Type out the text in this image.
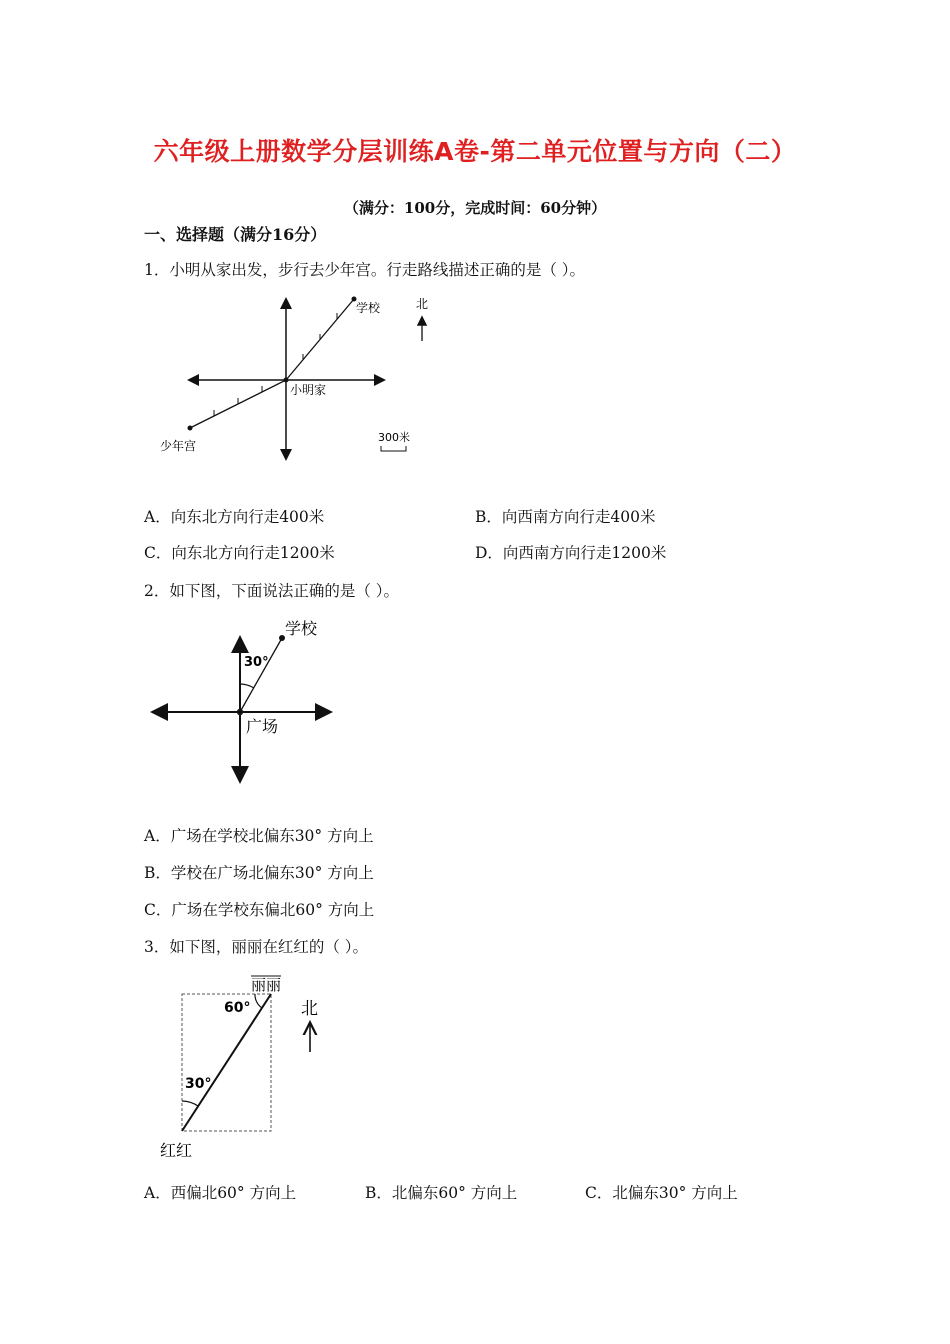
六年级上册数学分层训练A卷-第二单元位置与方向（二）
（满分：100分，完成时间：60分钟）
一、选择题（满分16分）
1．小明从家出发，步行去少年宫。行走路线描述正确的是（ ）。
学校
小明家
少年宫
北
300米
A．向东北方向行走400米	B．向西南方向行走400米
C．向东北方向行走1200米	D．向西南方向行走1200米
2．如下图，下面说法正确的是（ ）。
学校
30°
广场
A．广场在学校北偏东30° 方向上
B．学校在广场北偏东30° 方向上
C．广场在学校东偏北60° 方向上
3．如下图，丽丽在红红的（ ）。
丽丽
60°
30°
红红
北
A．西偏北60° 方向上	B．北偏东60° 方向上	C．北偏东30° 方向上
